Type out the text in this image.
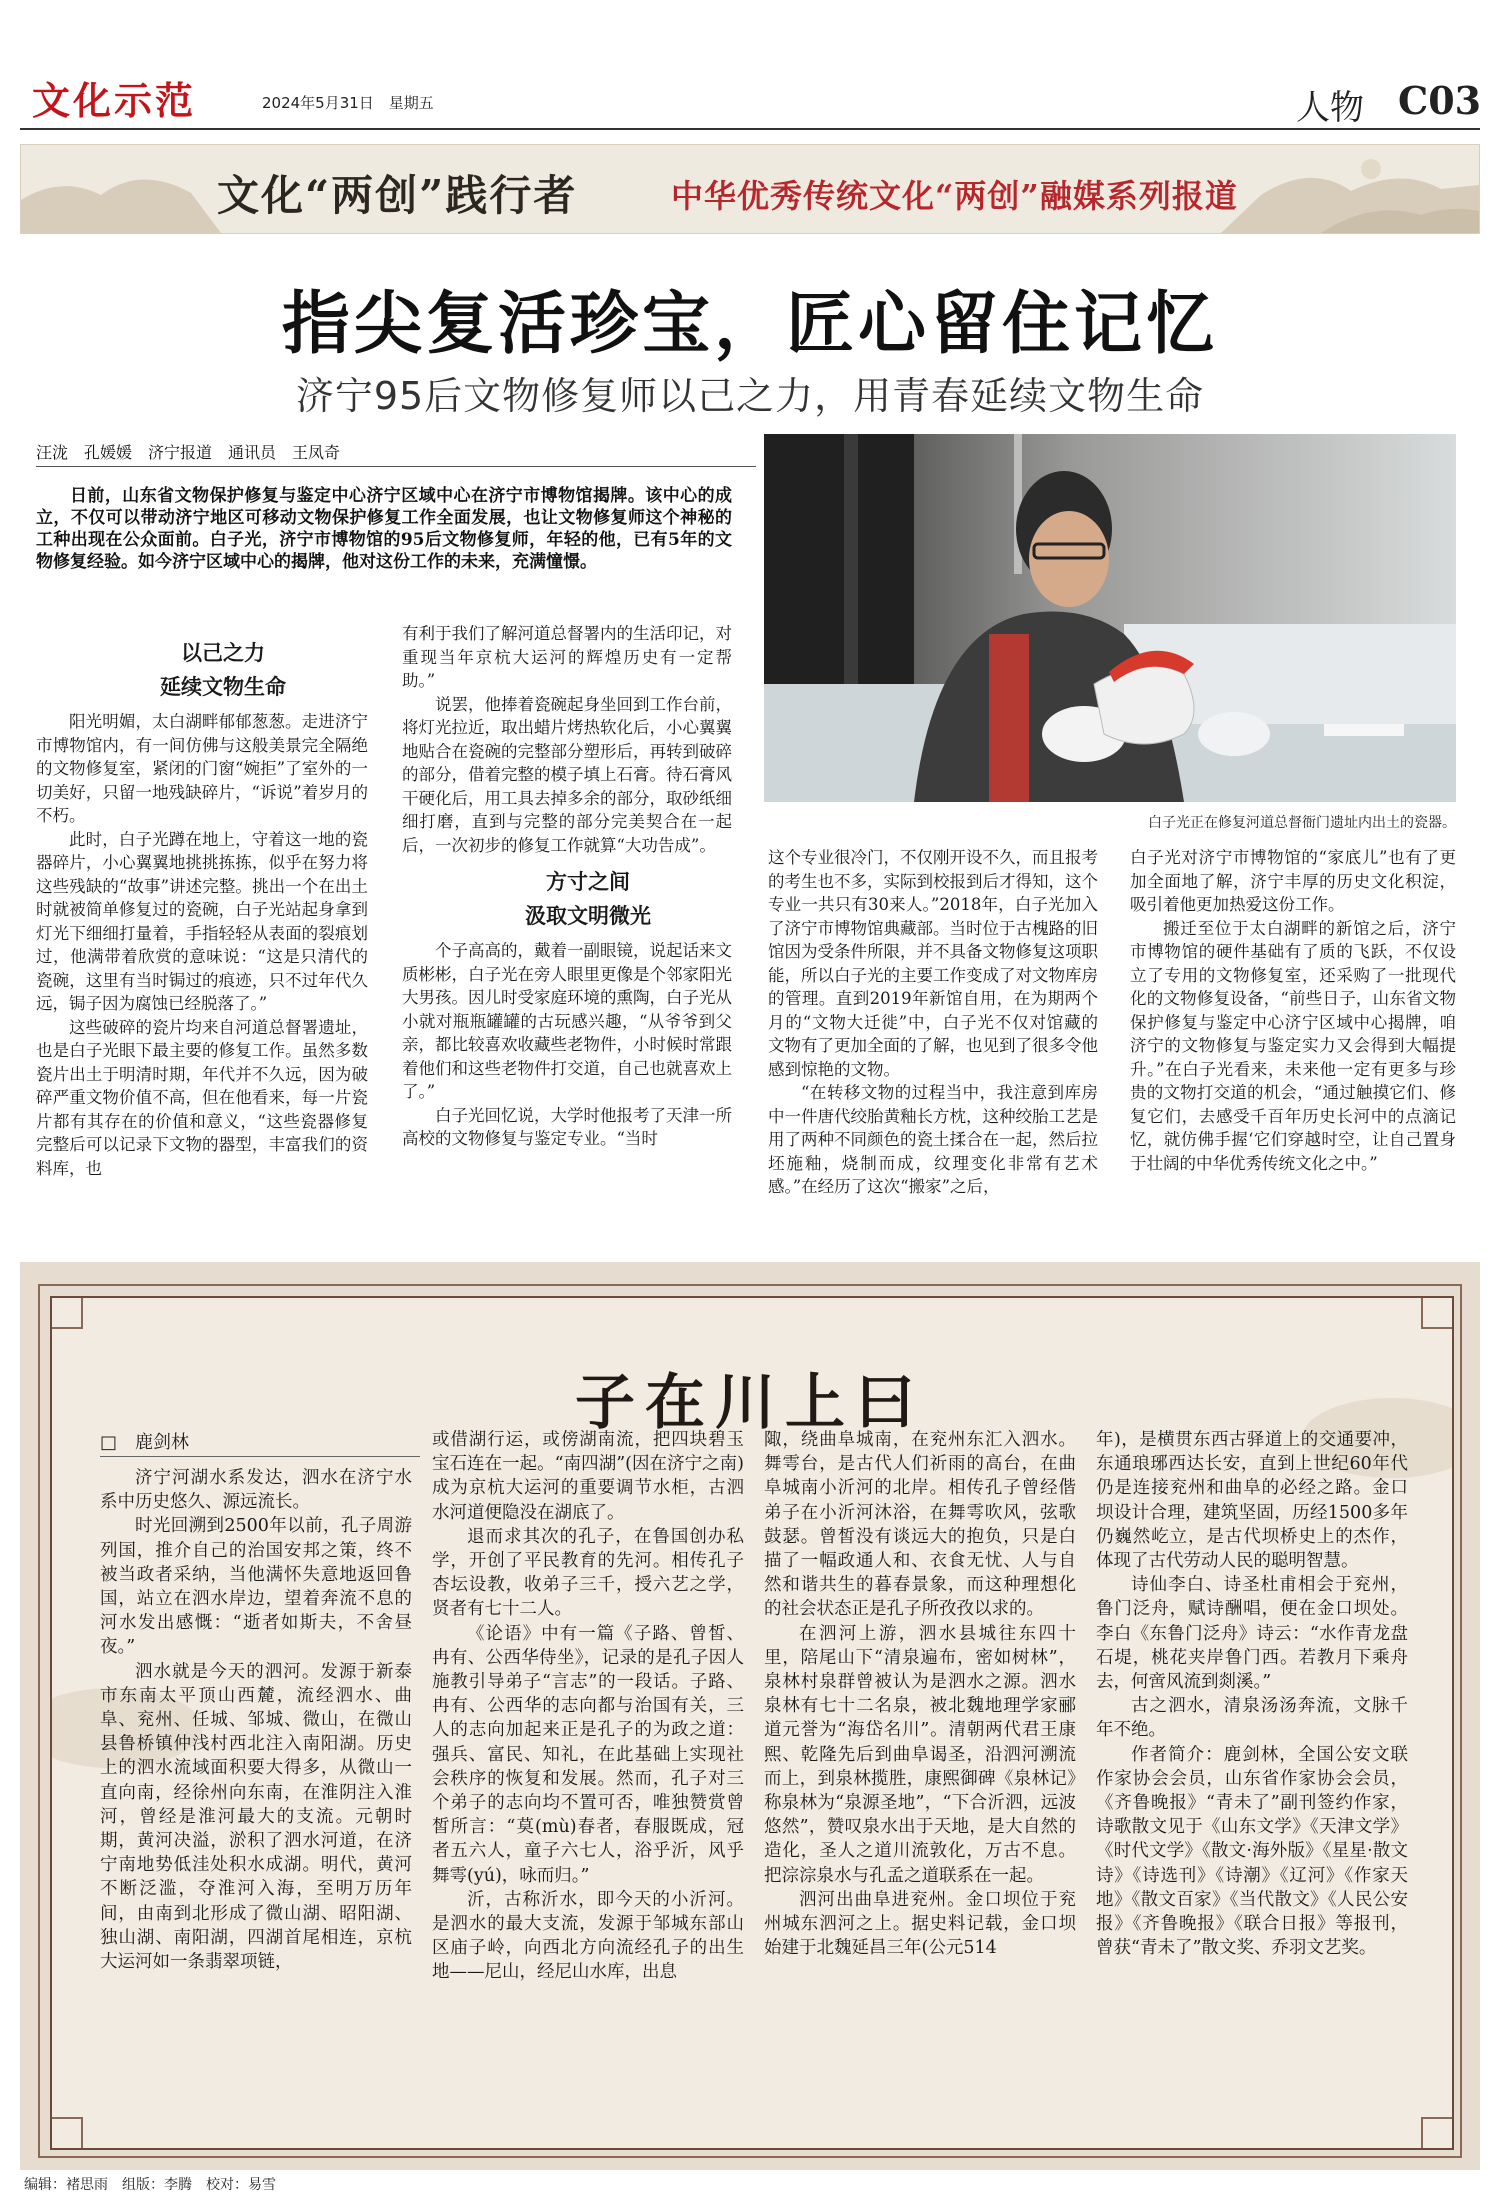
文化示范	2024年5月31日　星期五	人物 C03
文化“两创”践行者	中华优秀传统文化“两创”融媒系列报道
指尖复活珍宝，匠心留住记忆
济宁95后文物修复师以己之力，用青春延续文物生命
汪泷　孔媛媛　济宁报道　通讯员　王凤奇
日前，山东省文物保护修复与鉴定中心济宁区域中心在济宁市博物馆揭牌。该中心的成立，不仅可以带动济宁地区可移动文物保护修复工作全面发展，也让文物修复师这个神秘的工种出现在公众面前。白子光，济宁市博物馆的95后文物修复师，年轻的他，已有5年的文物修复经验。如今济宁区域中心的揭牌，他对这份工作的未来，充满憧憬。

以己之力

延续文物生命

阳光明媚，太白湖畔郁郁葱葱。走进济宁市博物馆内，有一间仿佛与这般美景完全隔绝的文物修复室，紧闭的门窗“婉拒”了室外的一切美好，只留一地残缺碎片，“诉说”着岁月的不朽。

此时，白子光蹲在地上，守着这一地的瓷器碎片，小心翼翼地挑挑拣拣，似乎在努力将这些残缺的“故事”讲述完整。挑出一个在出土时就被简单修复过的瓷碗，白子光站起身拿到灯光下细细打量着，手指轻轻从表面的裂痕划过，他满带着欣赏的意味说：“这是只清代的瓷碗，这里有当时锔过的痕迹，只不过年代久远，锔子因为腐蚀已经脱落了。”

这些破碎的瓷片均来自河道总督署遗址，也是白子光眼下最主要的修复工作。虽然多数瓷片出土于明清时期，年代并不久远，因为破碎严重文物价值不高，但在他看来，每一片瓷片都有其存在的价值和意义，“这些瓷器修复完整后可以记录下文物的器型，丰富我们的资料库，也

有利于我们了解河道总督署内的生活印记，对重现当年京杭大运河的辉煌历史有一定帮助。”

说罢，他捧着瓷碗起身坐回到工作台前，将灯光拉近，取出蜡片烤热软化后，小心翼翼地贴合在瓷碗的完整部分塑形后，再转到破碎的部分，借着完整的模子填上石膏。待石膏风干硬化后，用工具去掉多余的部分，取砂纸细细打磨，直到与完整的部分完美契合在一起后，一次初步的修复工作就算“大功告成”。

方寸之间

汲取文明微光

个子高高的，戴着一副眼镜，说起话来文质彬彬，白子光在旁人眼里更像是个邻家阳光大男孩。因儿时受家庭环境的熏陶，白子光从小就对瓶瓶罐罐的古玩感兴趣，“从爷爷到父亲，都比较喜欢收藏些老物件，小时候时常跟着他们和这些老物件打交道，自己也就喜欢上了。”

白子光回忆说，大学时他报考了天津一所高校的文物修复与鉴定专业。“当时

白子光正在修复河道总督衙门遗址内出土的瓷器。

这个专业很冷门，不仅刚开设不久，而且报考的考生也不多，实际到校报到后才得知，这个专业一共只有30来人。”2018年，白子光加入了济宁市博物馆典藏部。当时位于古槐路的旧馆因为受条件所限，并不具备文物修复这项职能，所以白子光的主要工作变成了对文物库房的管理。直到2019年新馆自用，在为期两个月的“文物大迁徙”中，白子光不仅对馆藏的文物有了更加全面的了解，也见到了很多令他感到惊艳的文物。

“在转移文物的过程当中，我注意到库房中一件唐代绞胎黄釉长方枕，这种绞胎工艺是用了两种不同颜色的瓷土揉合在一起，然后拉坯施釉，烧制而成，纹理变化非常有艺术感。”在经历了这次“搬家”之后，

白子光对济宁市博物馆的“家底儿”也有了更加全面地了解，济宁丰厚的历史文化积淀，吸引着他更加热爱这份工作。

搬迁至位于太白湖畔的新馆之后，济宁市博物馆的硬件基础有了质的飞跃，不仅设立了专用的文物修复室，还采购了一批现代化的文物修复设备，“前些日子，山东省文物保护修复与鉴定中心济宁区域中心揭牌，咱济宁的文物修复与鉴定实力又会得到大幅提升。”在白子光看来，未来他一定有更多与珍贵的文物打交道的机会，“通过触摸它们、修复它们，去感受千百年历史长河中的点滴记忆，就仿佛手握‘它们穿越时空，让自己置身于壮阔的中华优秀传统文化之中。”

子在川上曰
□　鹿剑林

济宁河湖水系发达，泗水在济宁水系中历史悠久、源远流长。

时光回溯到2500年以前，孔子周游列国，推介自己的治国安邦之策，终不被当政者采纳，当他满怀失意地返回鲁国，站立在泗水岸边，望着奔流不息的河水发出感慨：“逝者如斯夫，不舍昼夜。”

泗水就是今天的泗河。发源于新泰市东南太平顶山西麓，流经泗水、曲阜、兖州、任城、邹城、微山，在微山县鲁桥镇仲浅村西北注入南阳湖。历史上的泗水流域面积要大得多，从微山一直向南，经徐州向东南，在淮阴注入淮河，曾经是淮河最大的支流。元朝时期，黄河决溢，淤积了泗水河道，在济宁南地势低洼处积水成湖。明代，黄河不断泛滥，夺淮河入海，至明万历年间，由南到北形成了微山湖、昭阳湖、独山湖、南阳湖，四湖首尾相连，京杭大运河如一条翡翠项链，

或借湖行运，或傍湖南流，把四块碧玉宝石连在一起。“南四湖”(因在济宁之南)成为京杭大运河的重要调节水柜，古泗水河道便隐没在湖底了。

退而求其次的孔子，在鲁国创办私学，开创了平民教育的先河。相传孔子杏坛设教，收弟子三千，授六艺之学，贤者有七十二人。

《论语》中有一篇《子路、曾皙、冉有、公西华侍坐》，记录的是孔子因人施教引导弟子“言志”的一段话。子路、冉有、公西华的志向都与治国有关，三人的志向加起来正是孔子的为政之道：强兵、富民、知礼，在此基础上实现社会秩序的恢复和发展。然而，孔子对三个弟子的志向均不置可否，唯独赞赏曾皙所言：“莫(mù)春者，春服既成，冠者五六人，童子六七人，浴乎沂，风乎舞雩(yú)，咏而归。”

沂，古称沂水，即今天的小沂河。是泗水的最大支流，发源于邹城东部山区庙子岭，向西北方向流经孔子的出生地——尼山，经尼山水库，出息

陬，绕曲阜城南，在兖州东汇入泗水。舞雩台，是古代人们祈雨的高台，在曲阜城南小沂河的北岸。相传孔子曾经偕弟子在小沂河沐浴，在舞雩吹风，弦歌鼓瑟。曾皙没有谈远大的抱负，只是白描了一幅政通人和、衣食无忧、人与自然和谐共生的暮春景象，而这种理想化的社会状态正是孔子所孜孜以求的。

在泗河上游，泗水县城往东四十里，陪尾山下“清泉遍布，密如树林”，泉林村泉群曾被认为是泗水之源。泗水泉林有七十二名泉，被北魏地理学家郦道元誉为“海岱名川”。清朝两代君王康熙、乾隆先后到曲阜谒圣，沿泗河溯流而上，到泉林揽胜，康熙御碑《泉林记》称泉林为“泉源圣地”，“下合沂泗，远波悠然”，赞叹泉水出于天地，是大自然的造化，圣人之道川流敦化，万古不息。把淙淙泉水与孔孟之道联系在一起。

泗河出曲阜进兖州。金口坝位于兖州城东泗河之上。据史料记载，金口坝始建于北魏延昌三年(公元514

年)，是横贯东西古驿道上的交通要冲，东通琅琊西达长安，直到上世纪60年代仍是连接兖州和曲阜的必经之路。金口坝设计合理，建筑坚固，历经1500多年仍巍然屹立，是古代坝桥史上的杰作，体现了古代劳动人民的聪明智慧。

诗仙李白、诗圣杜甫相会于兖州，鲁门泛舟，赋诗酬唱，便在金口坝处。李白《东鲁门泛舟》诗云：“水作青龙盘石堤，桃花夹岸鲁门西。若教月下乘舟去，何啻风流到剡溪。”

古之泗水，清泉汤汤奔流，文脉千年不绝。

作者简介：鹿剑林，全国公安文联作家协会会员，山东省作家协会会员，《齐鲁晚报》“青未了”副刊签约作家，诗歌散文见于《山东文学》《天津文学》《时代文学》《散文·海外版》《星星·散文诗》《诗选刊》《诗潮》《辽河》《作家天地》《散文百家》《当代散文》《人民公安报》《齐鲁晚报》《联合日报》等报刊，曾获“青未了”散文奖、乔羽文艺奖。

编辑：褚思雨　组版：李腾　校对：易雪
